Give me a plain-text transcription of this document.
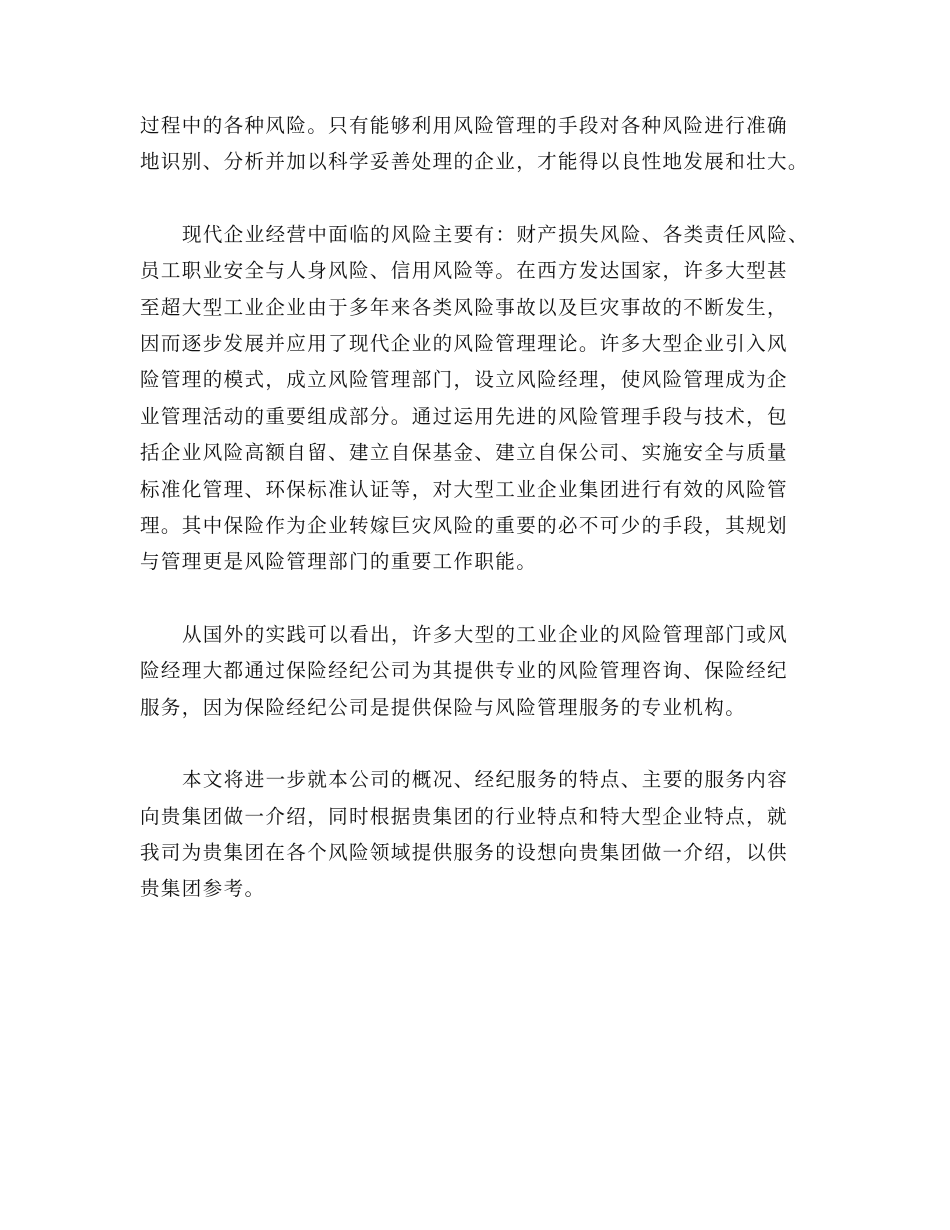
过程中的各种风险。只有能够利用风险管理的手段对各种风险进行准确
地识别、分析并加以科学妥善处理的企业，才能得以良性地发展和壮大。

现代企业经营中面临的风险主要有：财产损失风险、各类责任风险、
员工职业安全与人身风险、信用风险等。在西方发达国家，许多大型甚
至超大型工业企业由于多年来各类风险事故以及巨灾事故的不断发生，
因而逐步发展并应用了现代企业的风险管理理论。许多大型企业引入风
险管理的模式，成立风险管理部门，设立风险经理，使风险管理成为企
业管理活动的重要组成部分。通过运用先进的风险管理手段与技术，包
括企业风险高额自留、建立自保基金、建立自保公司、实施安全与质量
标准化管理、环保标准认证等，对大型工业企业集团进行有效的风险管
理。其中保险作为企业转嫁巨灾风险的重要的必不可少的手段，其规划
与管理更是风险管理部门的重要工作职能。

从国外的实践可以看出，许多大型的工业企业的风险管理部门或风
险经理大都通过保险经纪公司为其提供专业的风险管理咨询、保险经纪
服务，因为保险经纪公司是提供保险与风险管理服务的专业机构。

本文将进一步就本公司的概况、经纪服务的特点、主要的服务内容
向贵集团做一介绍，同时根据贵集团的行业特点和特大型企业特点，就
我司为贵集团在各个风险领域提供服务的设想向贵集团做一介绍，以供
贵集团参考。
